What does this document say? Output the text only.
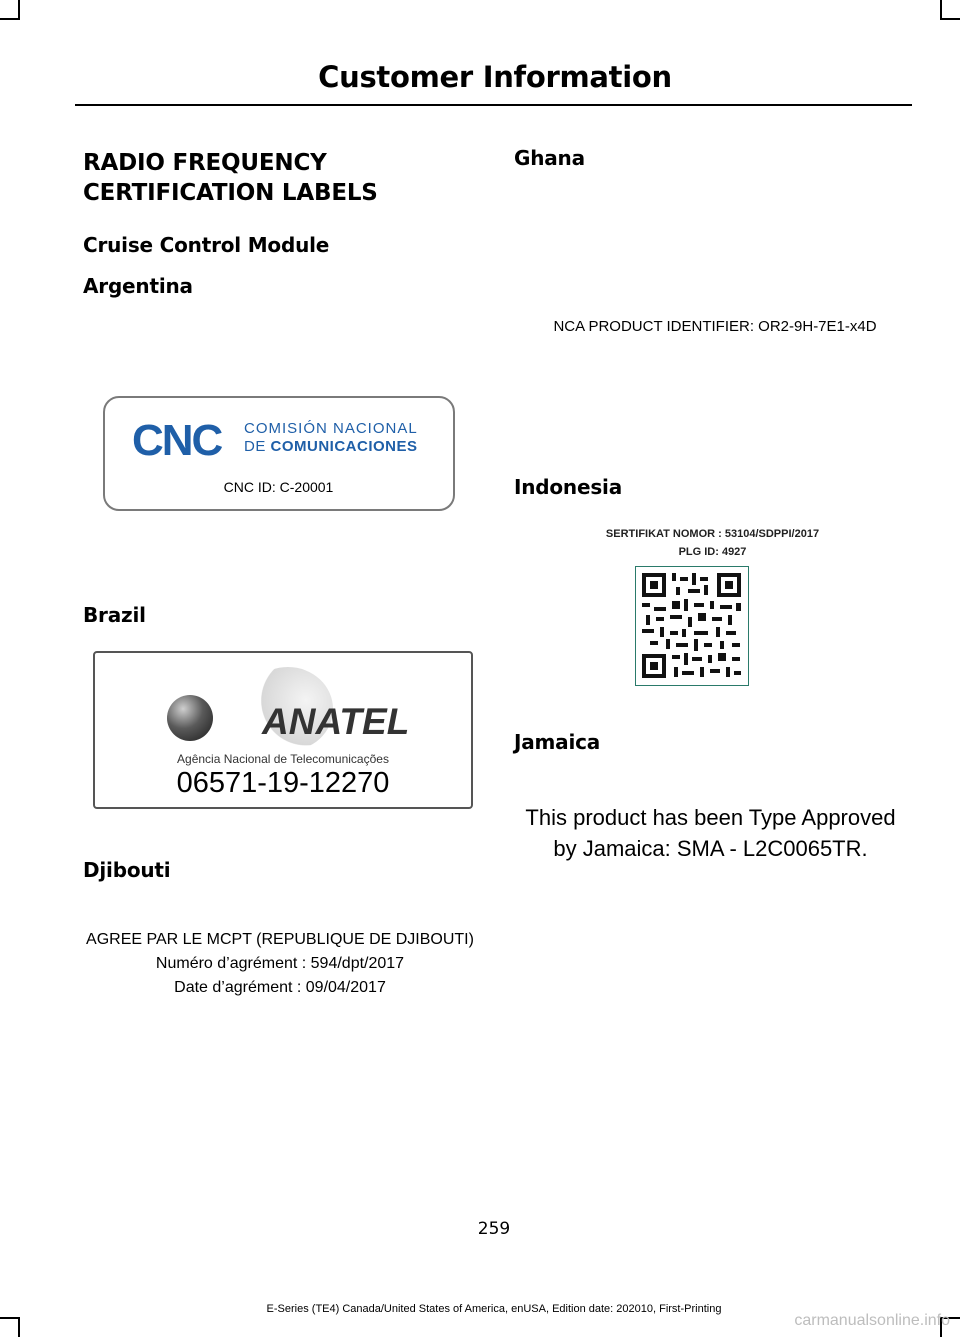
Customer Information
RADIO FREQUENCY
CERTIFICATION LABELS
Cruise Control Module
Argentina
CNC COMISIÓN NACIONAL
DE COMUNICACIONES
CNC ID: C-20001
Brazil
ANATEL
Agência Nacional de Telecomunicações
06571-19-12270
Djibouti
AGREE PAR LE MCPT (REPUBLIQUE DE DJIBOUTI)
Numéro d’agrément : 594/dpt/2017
Date d’agrément : 09/04/2017
Ghana
NCA PRODUCT IDENTIFIER: OR2-9H-7E1-x4D
Indonesia
SERTIFIKAT NOMOR : 53104/SDPPI/2017
PLG ID: 4927
Jamaica
This product has been Type Approved
by Jamaica: SMA - L2C0065TR.
259
E-Series (TE4) Canada/United States of America, enUSA, Edition date: 202010, First-Printing
carmanualsonline.info
